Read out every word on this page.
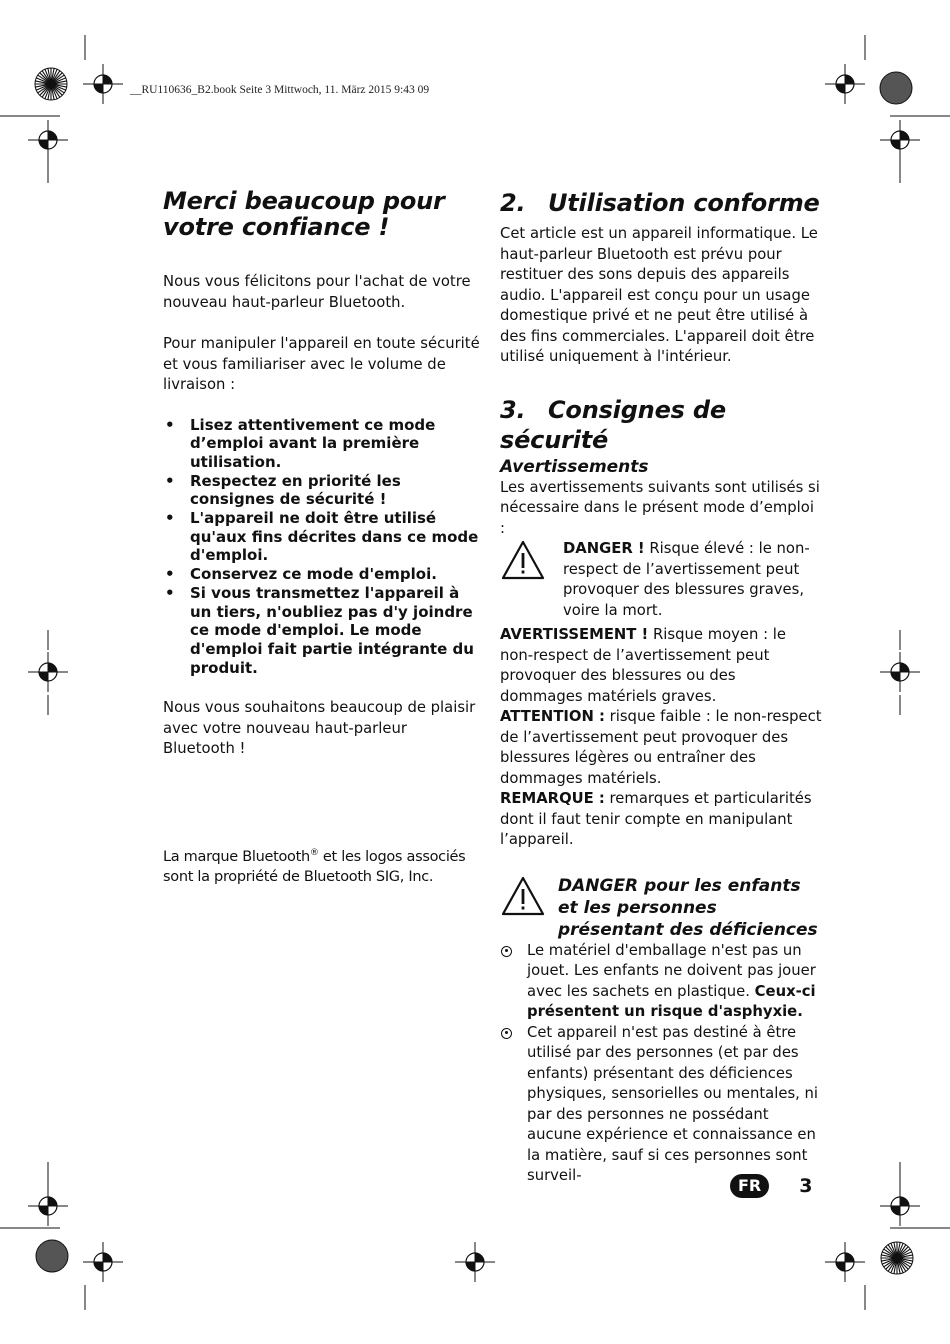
__RU110636_B2.book Seite 3 Mittwoch, 11. März 2015 9:43 09
Merci beaucoup pour
votre confiance !

Nous vous félicitons pour l'achat de votre nouveau haut-parleur Bluetooth.

Pour manipuler l'appareil en toute sécurité et vous familiariser avec le volume de livraison :

• Lisez attentivement ce mode d’emploi avant la première utilisation.
• Respectez en priorité les consignes de sécurité !
• L'appareil ne doit être utilisé qu'aux fins décrites dans ce mode d'emploi.
• Conservez ce mode d'emploi.
• Si vous transmettez l'appareil à un tiers, n'oubliez pas d'y joindre ce mode d'emploi. Le mode d'emploi fait partie intégrante du produit.

Nous vous souhaitons beaucoup de plaisir avec votre nouveau haut-parleur Bluetooth !

La marque Bluetooth® et les logos associés sont la propriété de Bluetooth SIG, Inc.

2. Utilisation conforme

Cet article est un appareil informatique. Le haut-parleur Bluetooth est prévu pour restituer des sons depuis des appareils audio. L'appareil est conçu pour un usage domestique privé et ne peut être utilisé à des fins commerciales. L'appareil doit être utilisé uniquement à l'intérieur.

3. Consignes de sécurité
Avertissements

Les avertissements suivants sont utilisés si nécessaire dans le présent mode d’emploi :

DANGER ! Risque élevé : le non-respect de l’avertissement peut provoquer des blessures graves, voire la mort.

AVERTISSEMENT ! Risque moyen : le non-respect de l’avertissement peut provoquer des blessures ou des dommages matériels graves.

ATTENTION : risque faible : le non-respect de l’avertissement peut provoquer des blessures légères ou entraîner des dommages matériels.

REMARQUE : remarques et particularités dont il faut tenir compte en manipulant l’appareil.

DANGER pour les enfants
et les personnes
présentant des déficiences
Le matériel d'emballage n'est pas un jouet. Les enfants ne doivent pas jouer avec les sachets en plastique. Ceux-ci présentent un risque d'asphyxie.
Cet appareil n'est pas destiné à être utilisé par des personnes (et par des enfants) présentant des déficiences physiques, sensorielles ou mentales, ni par des personnes ne possédant aucune expérience et connaissance en la matière, sauf si ces personnes sont surveil-
FR	3
